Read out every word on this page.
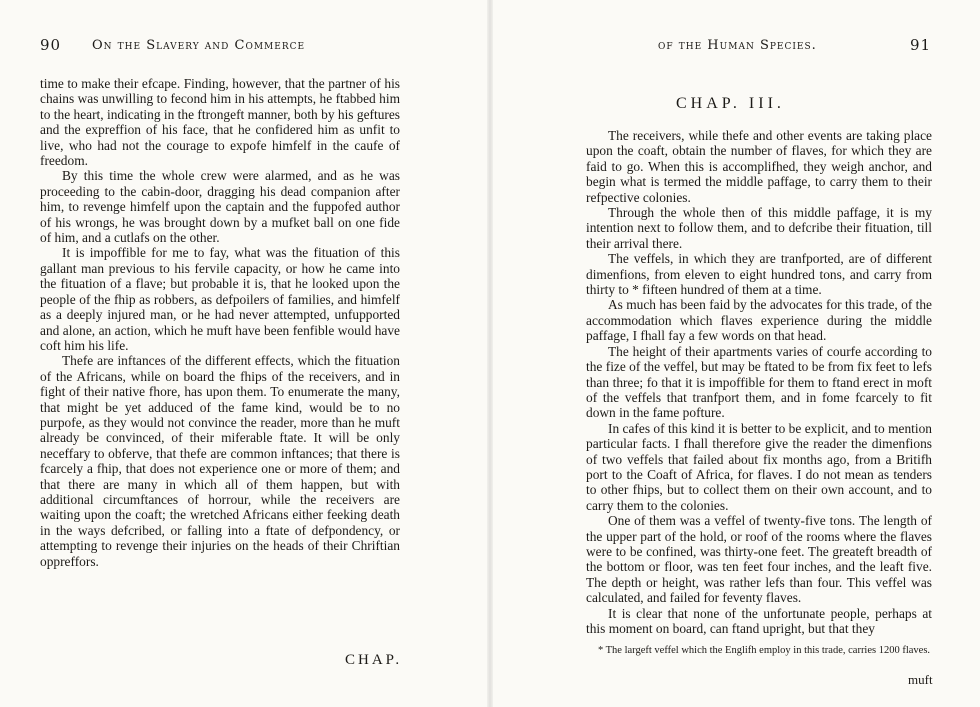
90 On the Slavery and Commerce

time to make their efcape. Finding, however, that the partner of his chains was unwilling to fecond him in his attempts, he ftabbed him to the heart, indicating in the ftrongeft manner, both by his geftures and the expreffion of his face, that he confidered him as unfit to live, who had not the courage to expofe himfelf in the caufe of freedom.

By this time the whole crew were alarmed, and as he was proceeding to the cabin-door, dragging his dead companion after him, to revenge himfelf upon the captain and the fuppofed author of his wrongs, he was brought down by a mufket ball on one fide of him, and a cutlafs on the other.

It is impoffible for me to fay, what was the fituation of this gallant man previous to his fervile capacity, or how he came into the fituation of a flave; but probable it is, that he looked upon the people of the fhip as robbers, as defpoilers of families, and himfelf as a deeply injured man, or he had never attempted, unfupported and alone, an action, which he muft have been fenfible would have coft him his life.

Thefe are inftances of the different effects, which the fituation of the Africans, while on board the fhips of the receivers, and in fight of their native fhore, has upon them. To enumerate the many, that might be yet adduced of the fame kind, would be to no purpofe, as they would not convince the reader, more than he muft already be convinced, of their miferable ftate. It will be only neceffary to obferve, that thefe are common inftances; that there is fcarcely a fhip, that does not experience one or more of them; and that there are many in which all of them happen, but with additional circumftances of horrour, while the receivers are waiting upon the coaft; the wretched Africans either feeking death in the ways defcribed, or falling into a ftate of defpondency, or attempting to revenge their injuries on the heads of their Chriftian oppreffors.

CHAP.
of the Human Species.	91
CHAP. III.

The receivers, while thefe and other events are taking place upon the coaft, obtain the number of flaves, for which they are faid to go. When this is accomplifhed, they weigh anchor, and begin what is termed the middle paffage, to carry them to their refpective colonies.

Through the whole then of this middle paffage, it is my intention next to follow them, and to defcribe their fituation, till their arrival there.

The veffels, in which they are tranfported, are of different dimenfions, from eleven to eight hundred tons, and carry from thirty to * fifteen hundred of them at a time.

As much has been faid by the advocates for this trade, of the accommodation which flaves experience during the middle paffage, I fhall fay a few words on that head.

The height of their apartments varies of courfe according to the fize of the veffel, but may be ftated to be from fix feet to lefs than three; fo that it is impoffible for them to ftand erect in moft of the veffels that tranfport them, and in fome fcarcely to fit down in the fame pofture.

In cafes of this kind it is better to be explicit, and to mention particular facts. I fhall therefore give the reader the dimenfions of two veffels that failed about fix months ago, from a Britifh port to the Coaft of Africa, for flaves. I do not mean as tenders to other fhips, but to collect them on their own account, and to carry them to the colonies.

One of them was a veffel of twenty-five tons. The length of the upper part of the hold, or roof of the rooms where the flaves were to be confined, was thirty-one feet. The greateft breadth of the bottom or floor, was ten feet four inches, and the leaft five. The depth or height, was rather lefs than four. This veffel was calculated, and failed for feventy flaves.

It is clear that none of the unfortunate people, perhaps at this moment on board, can ftand upright, but that they

* The largeft veffel which the Englifh employ in this trade, carries 1200 flaves.
muft
